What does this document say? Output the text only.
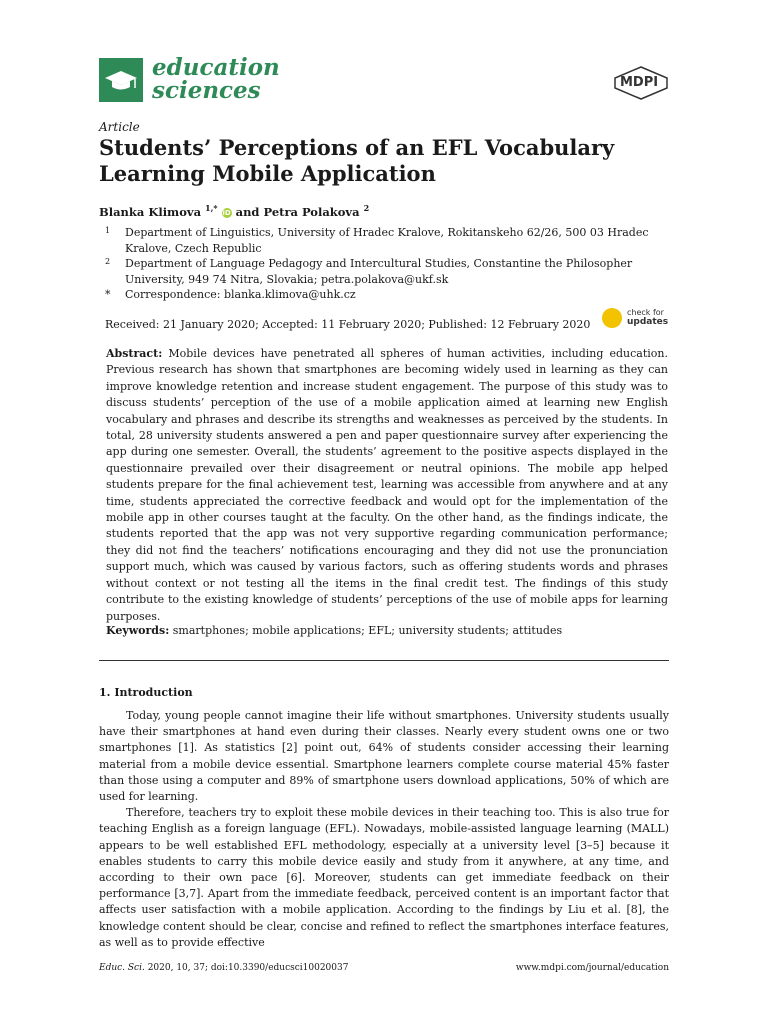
education
sciences	MDPI
Article
Students’ Perceptions of an EFL Vocabulary Learning Mobile Application
Blanka Klimova $^{1,*}$ iD and Petra Polakova $^2$
1	Department of Linguistics, University of Hradec Kralove, Rokitanskeho 62/26, 500 03 Hradec Kralove, Czech Republic
2	Department of Language Pedagogy and Intercultural Studies, Constantine the Philosopher University, 949 74 Nitra, Slovakia; petra.polakova@ukf.sk
*	Correspondence: blanka.klimova@uhk.cz
Received: 21 January 2020; Accepted: 11 February 2020; Published: 12 February 2020
check for
updates
Abstract: Mobile devices have penetrated all spheres of human activities, including education. Previous research has shown that smartphones are becoming widely used in learning as they can improve knowledge retention and increase student engagement. The purpose of this study was to discuss students’ perception of the use of a mobile application aimed at learning new English vocabulary and phrases and describe its strengths and weaknesses as perceived by the students. In total, 28 university students answered a pen and paper questionnaire survey after experiencing the app during one semester. Overall, the students’ agreement to the positive aspects displayed in the questionnaire prevailed over their disagreement or neutral opinions. The mobile app helped students prepare for the final achievement test, learning was accessible from anywhere and at any time, students appreciated the corrective feedback and would opt for the implementation of the mobile app in other courses taught at the faculty. On the other hand, as the findings indicate, the students reported that the app was not very supportive regarding communication performance; they did not find the teachers’ notifications encouraging and they did not use the pronunciation support much, which was caused by various factors, such as offering students words and phrases without context or not testing all the items in the final credit test. The findings of this study contribute to the existing knowledge of students’ perceptions of the use of mobile apps for learning purposes.
Keywords: smartphones; mobile applications; EFL; university students; attitudes
1. Introduction

Today, young people cannot imagine their life without smartphones. University students usually have their smartphones at hand even during their classes. Nearly every student owns one or two smartphones [1]. As statistics [2] point out, 64% of students consider accessing their learning material from a mobile device essential. Smartphone learners complete course material 45% faster than those using a computer and 89% of smartphone users download applications, 50% of which are used for learning.

Therefore, teachers try to exploit these mobile devices in their teaching too. This is also true for teaching English as a foreign language (EFL). Nowadays, mobile-assisted language learning (MALL) appears to be well established EFL methodology, especially at a university level [3–5] because it enables students to carry this mobile device easily and study from it anywhere, at any time, and according to their own pace [6]. Moreover, students can get immediate feedback on their performance [3,7]. Apart from the immediate feedback, perceived content is an important factor that affects user satisfaction with a mobile application. According to the findings by Liu et al. [8], the knowledge content should be clear, concise and refined to reflect the smartphones interface features, as well as to provide effective

Educ. Sci. 2020, 10, 37; doi:10.3390/educsci10020037	www.mdpi.com/journal/education
